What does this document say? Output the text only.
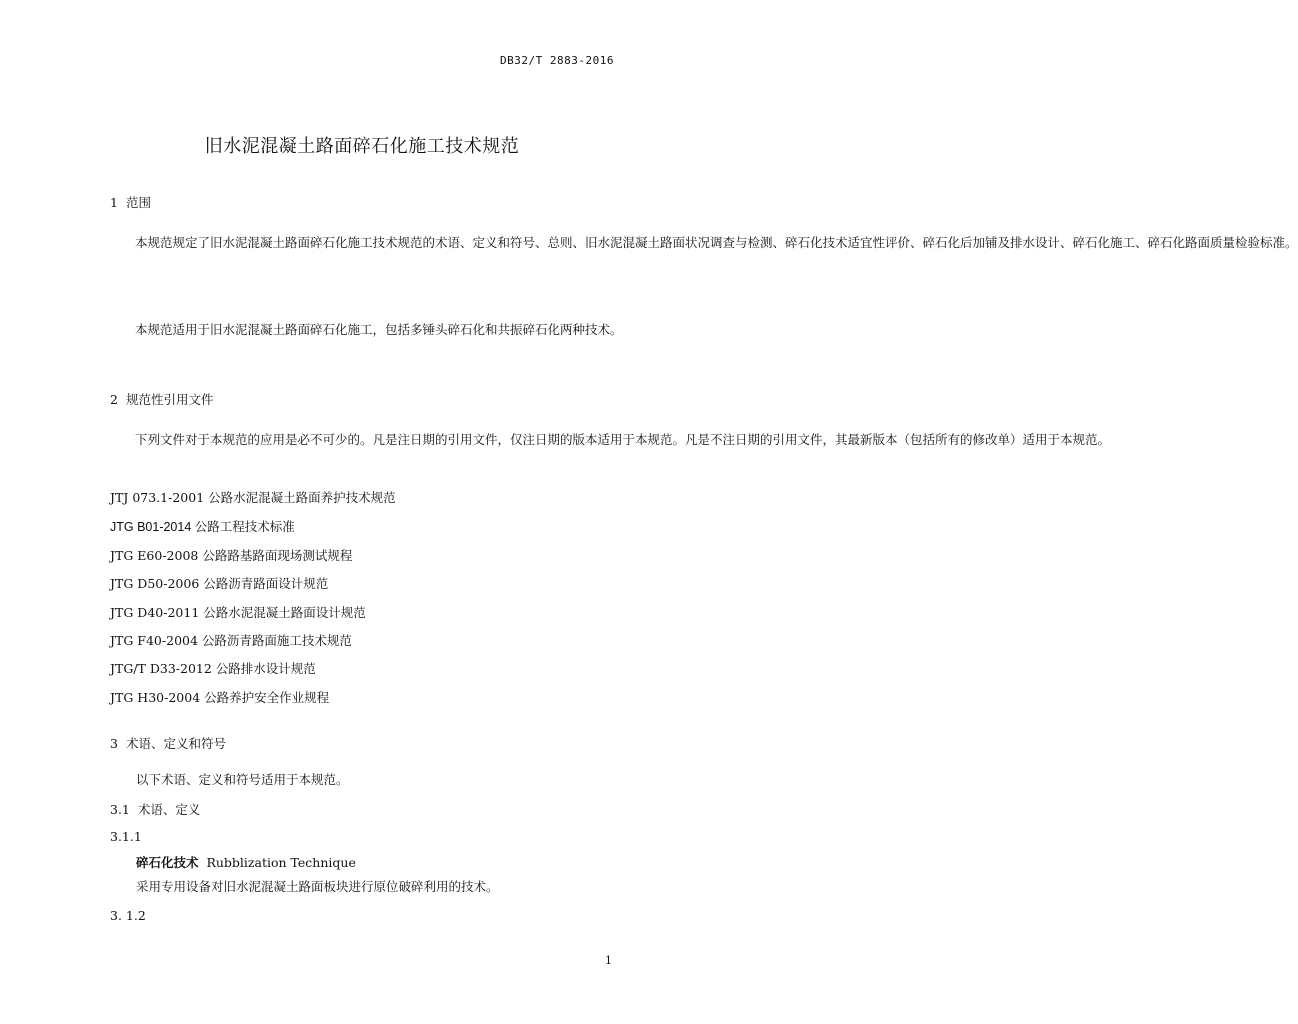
DB32/T 2883-2016
旧水泥混凝土路面碎石化施工技术规范
1 范围
本规范规定了旧水泥混凝土路面碎石化施工技术规范的术语、定义和符号、总则、旧水泥混凝土路面状况调查与检测、碎石化技术适宜性评价、碎石化后加铺及排水设计、碎石化施工、碎石化路面质量检验标准。
本规范适用于旧水泥混凝土路面碎石化施工，包括多锤头碎石化和共振碎石化两种技术。
2 规范性引用文件
下列文件对于本规范的应用是必不可少的。凡是注日期的引用文件，仅注日期的版本适用于本规范。凡是不注日期的引用文件，其最新版本（包括所有的修改单）适用于本规范。
JTJ 073.1-2001 公路水泥混凝土路面养护技术规范
JTG B01-2014 公路工程技术标准
JTG E60-2008 公路路基路面现场测试规程
JTG D50-2006 公路沥青路面设计规范
JTG D40-2011 公路水泥混凝土路面设计规范
JTG F40-2004 公路沥青路面施工技术规范
JTG/T D33-2012 公路排水设计规范
JTG H30-2004 公路养护安全作业规程
3 术语、定义和符号
以下术语、定义和符号适用于本规范。
3.1 术语、定义
3.1.1
碎石化技术 Rubblization Technique
采用专用设备对旧水泥混凝土路面板块进行原位破碎利用的技术。
3. 1.2
1
